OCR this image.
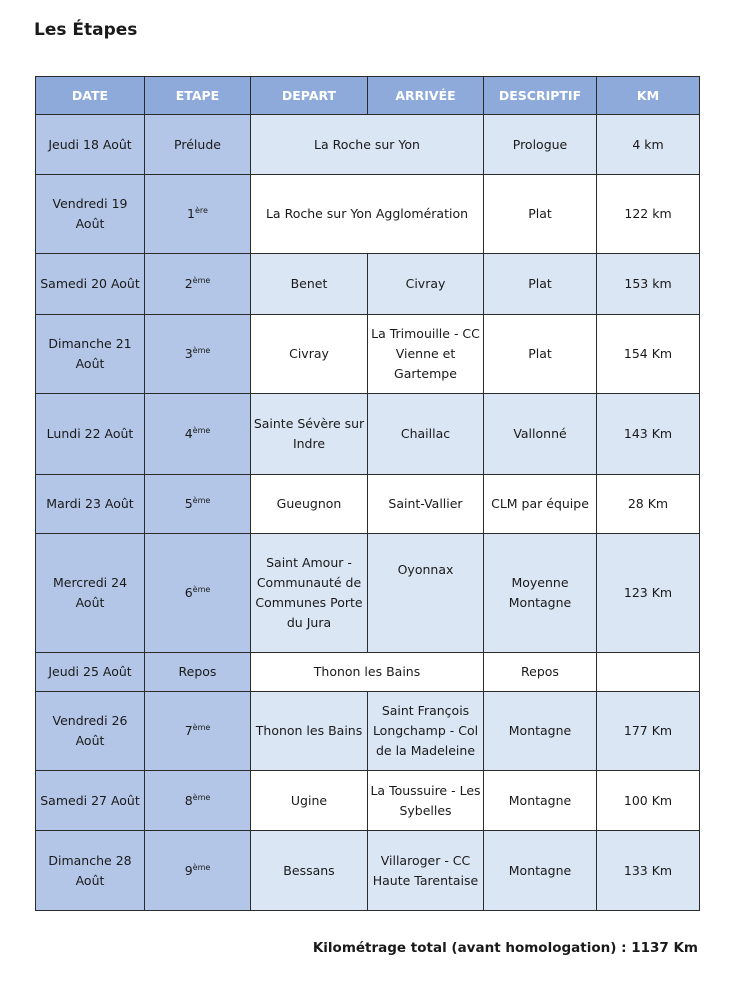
Les Étapes
DATE	ETAPE	DEPART	ARRIVÉE	DESCRIPTIF	KM
Jeudi 18 Août	Prélude	La Roche sur Yon		Prologue	4 km
Vendredi 19 Août	1ère	La Roche sur Yon Agglomération		Plat	122 km
Samedi 20 Août	2ème	Benet	Civray	Plat	153 km
Dimanche 21 Août	3ème	Civray	La Trimouille - CC Vienne et Gartempe	Plat	154 Km
Lundi 22 Août	4ème	Sainte Sévère sur Indre	Chaillac	Vallonné	143 Km
Mardi 23 Août	5ème	Gueugnon	Saint-Vallier	CLM par équipe	28 Km
Mercredi 24 Août	6ème	Saint Amour - Communauté de Communes Porte du Jura	Oyonnax	Moyenne Montagne	123 Km
Jeudi 25 Août	Repos	Thonon les Bains		Repos	
Vendredi 26 Août	7ème	Thonon les Bains	Saint François Longchamp - Col de la Madeleine	Montagne	177 Km
Samedi 27 Août	8ème	Ugine	La Toussuire - Les Sybelles	Montagne	100 Km
Dimanche 28 Août	9ème	Bessans	Villaroger - CC Haute Tarentaise	Montagne	133 Km
Kilométrage total (avant homologation) : 1137 Km
